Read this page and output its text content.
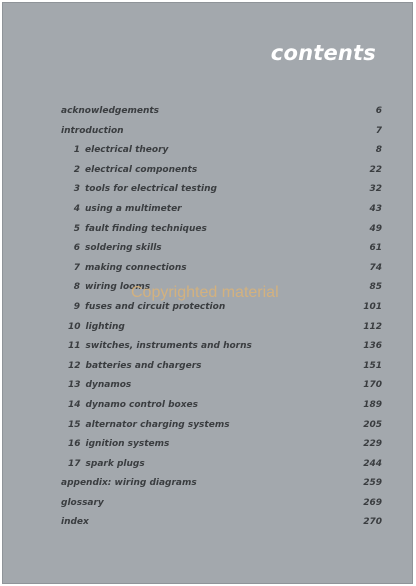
contents
acknowledgements	6
introduction	7
1 electrical theory	8
2 electrical components	22
3 tools for electrical testing	32
4 using a multimeter	43
5 fault finding techniques	49
6 soldering skills	61
7 making connections	74
8 wiring looms	85
9 fuses and circuit protection	101
10 lighting	112
11 switches, instruments and horns	136
12 batteries and chargers	151
13 dynamos	170
14 dynamo control boxes	189
15 alternator charging systems	205
16 ignition systems	229
17 spark plugs	244
appendix: wiring diagrams	259
glossary	269
index	270
Copyrighted material
